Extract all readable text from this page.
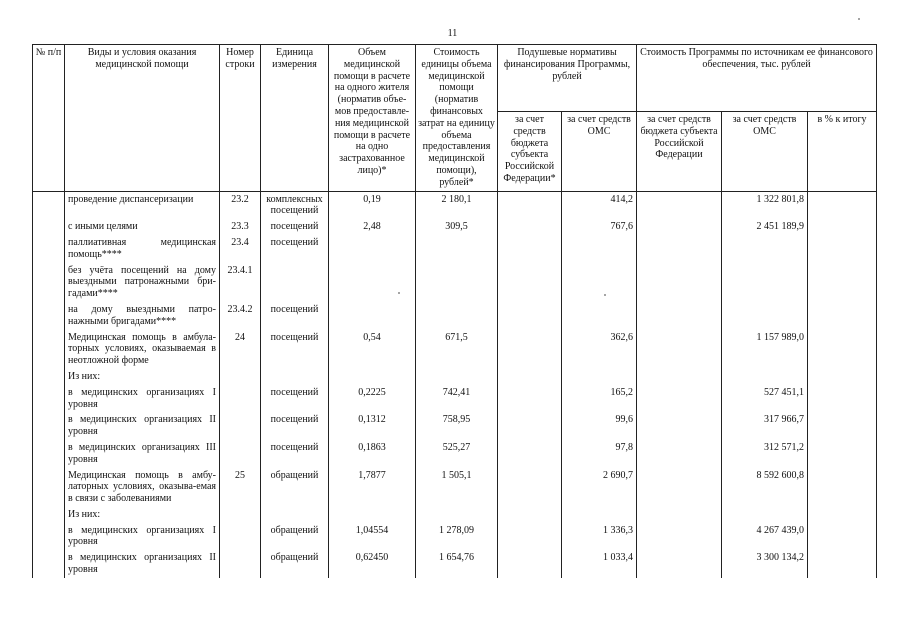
11
№ п/п	Виды и условия оказания медицинской помощи	Номер строки	Единица измерения	Объем медицинской помощи в расчете на одного жителя (норматив объе-мов предоставле-ния медицинской помощи в расчете на одно застрахованное лицо)*	Стоимость единицы объема медицинской помощи (норматив финансовых затрат на единицу объема предоставления медицинской помощи), рублей*	Подушевые нормативы финансирования Программы, рублей		Стоимость Программы по источникам ее финансового обеспечения, тыс. рублей		
						за счет средств бюджета субъекта Российской Федерации*	за счет средств ОМС	за счет средств бюджета субъекта Российской Федерации	за счет средств ОМС	в % к итогу
	проведение диспансеризации	23.2	комплексных посещений	0,19	2 180,1		414,2		1 322 801,8	
	с иными целями	23.3	посещений	2,48	309,5		767,6		2 451 189,9	
	паллиативная медицинская помощь****	23.4	посещений							
	без учёта посещений на дому выездными патронажными бри-гадами****	23.4.1								
	на дому выездными патро-нажными бригадами****	23.4.2	посещений							
	Медицинская помощь в амбула-торных условиях, оказываемая в неотложной форме	24	посещений	0,54	671,5		362,6		1 157 989,0	
	Из них:									
	в медицинских организациях I уровня		посещений	0,2225	742,41		165,2		527 451,1	
	в медицинских организациях II уровня		посещений	0,1312	758,95		99,6		317 966,7	
	в медицинских организациях III уровня		посещений	0,1863	525,27		97,8		312 571,2	
	Медицинская помощь в амбу-латорных условиях, оказыва-емая в связи с заболеваниями	25	обращений	1,7877	1 505,1		2 690,7		8 592 600,8	
	Из них:									
	в медицинских организациях I уровня		обращений	1,04554	1 278,09		1 336,3		4 267 439,0	
	в медицинских организациях II уровня		обращений	0,62450	1 654,76		1 033,4		3 300 134,2	
